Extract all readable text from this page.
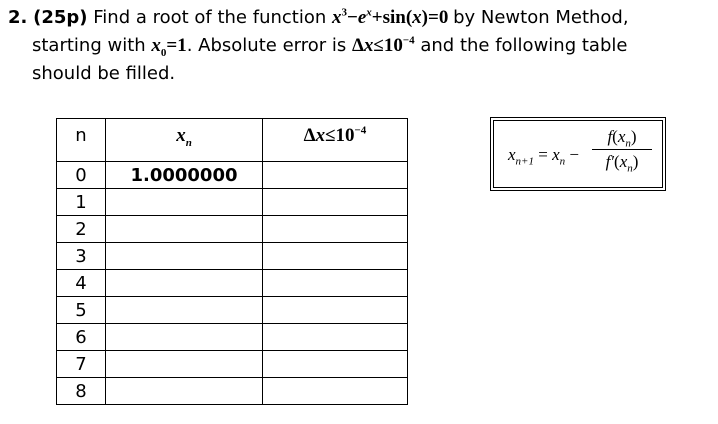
2. (25p) Find a root of the function $x^3-e^x+\sin(x)=0$ by Newton Method,
starting with $x_0=1$. Absolute error is $\Delta x\le 10^{-4}$ and the following table
should be filled.
n	$x_n$	$\Delta x\le 10^{-4}$
0	1.0000000	
1		
2		
3		
4		
5		
6		
7		
8		
$x_{n+1} = x_n - \frac{f(x_n)}{f'(x_n)}$
